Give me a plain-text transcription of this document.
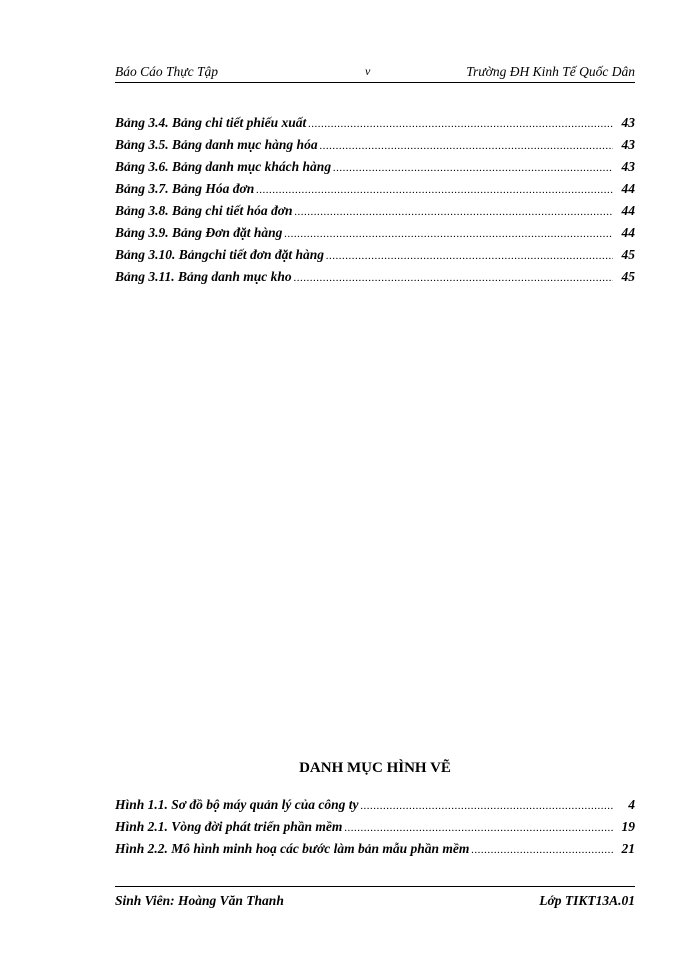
Báo Cáo Thực Tập	v	Trường ĐH Kinh Tế Quốc Dân
Bảng 3.4. Bảng chi tiết phiếu xuất .....	43
Bảng 3.5. Bảng danh mục hàng hóa .....	43
Bảng 3.6. Bảng danh mục khách hàng .....	43
Bảng 3.7. Bảng Hóa đơn .....	44
Bảng 3.8. Bảng chi tiết hóa đơn .....	44
Bảng 3.9. Bảng Đơn đặt hàng .....	44
Bảng 3.10. Bảngchi tiết đơn đặt hàng .....	45
Bảng 3.11. Bảng danh mục kho .....	45
DANH MỤC HÌNH VẼ
Hình 1.1. Sơ đồ bộ máy quản lý của công ty .....	4
Hình 2.1. Vòng đời phát triển phần mềm .....	19
Hình 2.2. Mô hình minh hoạ các bước làm bản mẫu phần mềm .....	21
Sinh Viên: Hoàng Văn Thanh	Lớp TIKT13A.01
